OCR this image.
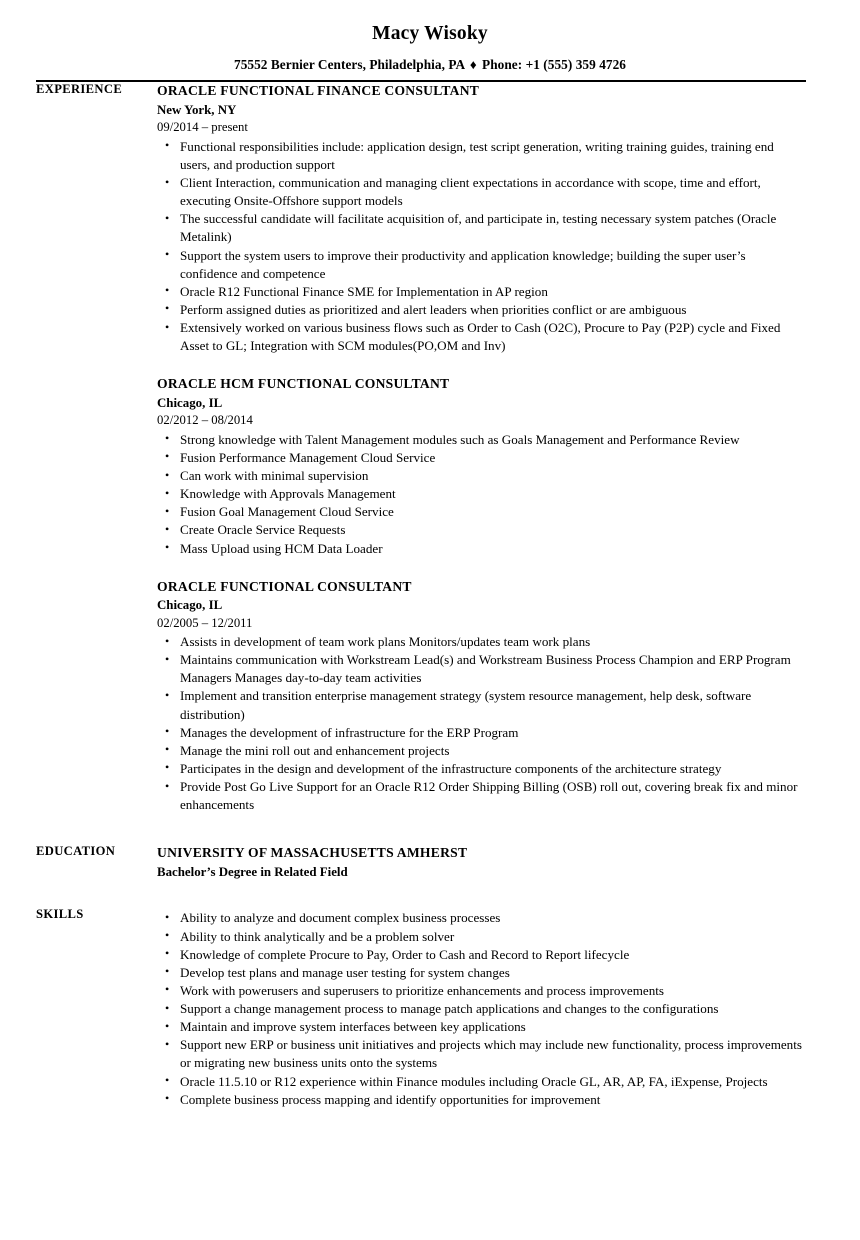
Macy Wisoky
75552 Bernier Centers, Philadelphia, PA ♦ Phone: +1 (555) 359 4726
EXPERIENCE	ORACLE FUNCTIONAL FINANCE CONSULTANT
New York, NY
09/2014 – present
• Functional responsibilities include: application design, test script generation, writing training guides, training end users, and production support
• Client Interaction, communication and managing client expectations in accordance with scope, time and effort, executing Onsite-Offshore support models
• The successful candidate will facilitate acquisition of, and participate in, testing necessary system patches (Oracle Metalink)
• Support the system users to improve their productivity and application knowledge; building the super user’s confidence and competence
• Oracle R12 Functional Finance SME for Implementation in AP region
• Perform assigned duties as prioritized and alert leaders when priorities conflict or are ambiguous
• Extensively worked on various business flows such as Order to Cash (O2C), Procure to Pay (P2P) cycle and Fixed Asset to GL; Integration with SCM modules(PO,OM and Inv)
ORACLE HCM FUNCTIONAL CONSULTANT
Chicago, IL
02/2012 – 08/2014
• Strong knowledge with Talent Management modules such as Goals Management and Performance Review
• Fusion Performance Management Cloud Service
• Can work with minimal supervision
• Knowledge with Approvals Management
• Fusion Goal Management Cloud Service
• Create Oracle Service Requests
• Mass Upload using HCM Data Loader
ORACLE FUNCTIONAL CONSULTANT
Chicago, IL
02/2005 – 12/2011
• Assists in development of team work plans Monitors/updates team work plans
• Maintains communication with Workstream Lead(s) and Workstream Business Process Champion and ERP Program Managers Manages day-to-day team activities
• Implement and transition enterprise management strategy (system resource management, help desk, software distribution)
• Manages the development of infrastructure for the ERP Program
• Manage the mini roll out and enhancement projects
• Participates in the design and development of the infrastructure components of the architecture strategy
• Provide Post Go Live Support for an Oracle R12 Order Shipping Billing (OSB) roll out, covering break fix and minor enhancements
EDUCATION	UNIVERSITY OF MASSACHUSETTS AMHERST
Bachelor’s Degree in Related Field
SKILLS	• Ability to analyze and document complex business processes
• Ability to think analytically and be a problem solver
• Knowledge of complete Procure to Pay, Order to Cash and Record to Report lifecycle
• Develop test plans and manage user testing for system changes
• Work with powerusers and superusers to prioritize enhancements and process improvements
• Support a change management process to manage patch applications and changes to the configurations
• Maintain and improve system interfaces between key applications
• Support new ERP or business unit initiatives and projects which may include new functionality, process improvements or migrating new business units onto the systems
• Oracle 11.5.10 or R12 experience within Finance modules including Oracle GL, AR, AP, FA, iExpense, Projects
• Complete business process mapping and identify opportunities for improvement
